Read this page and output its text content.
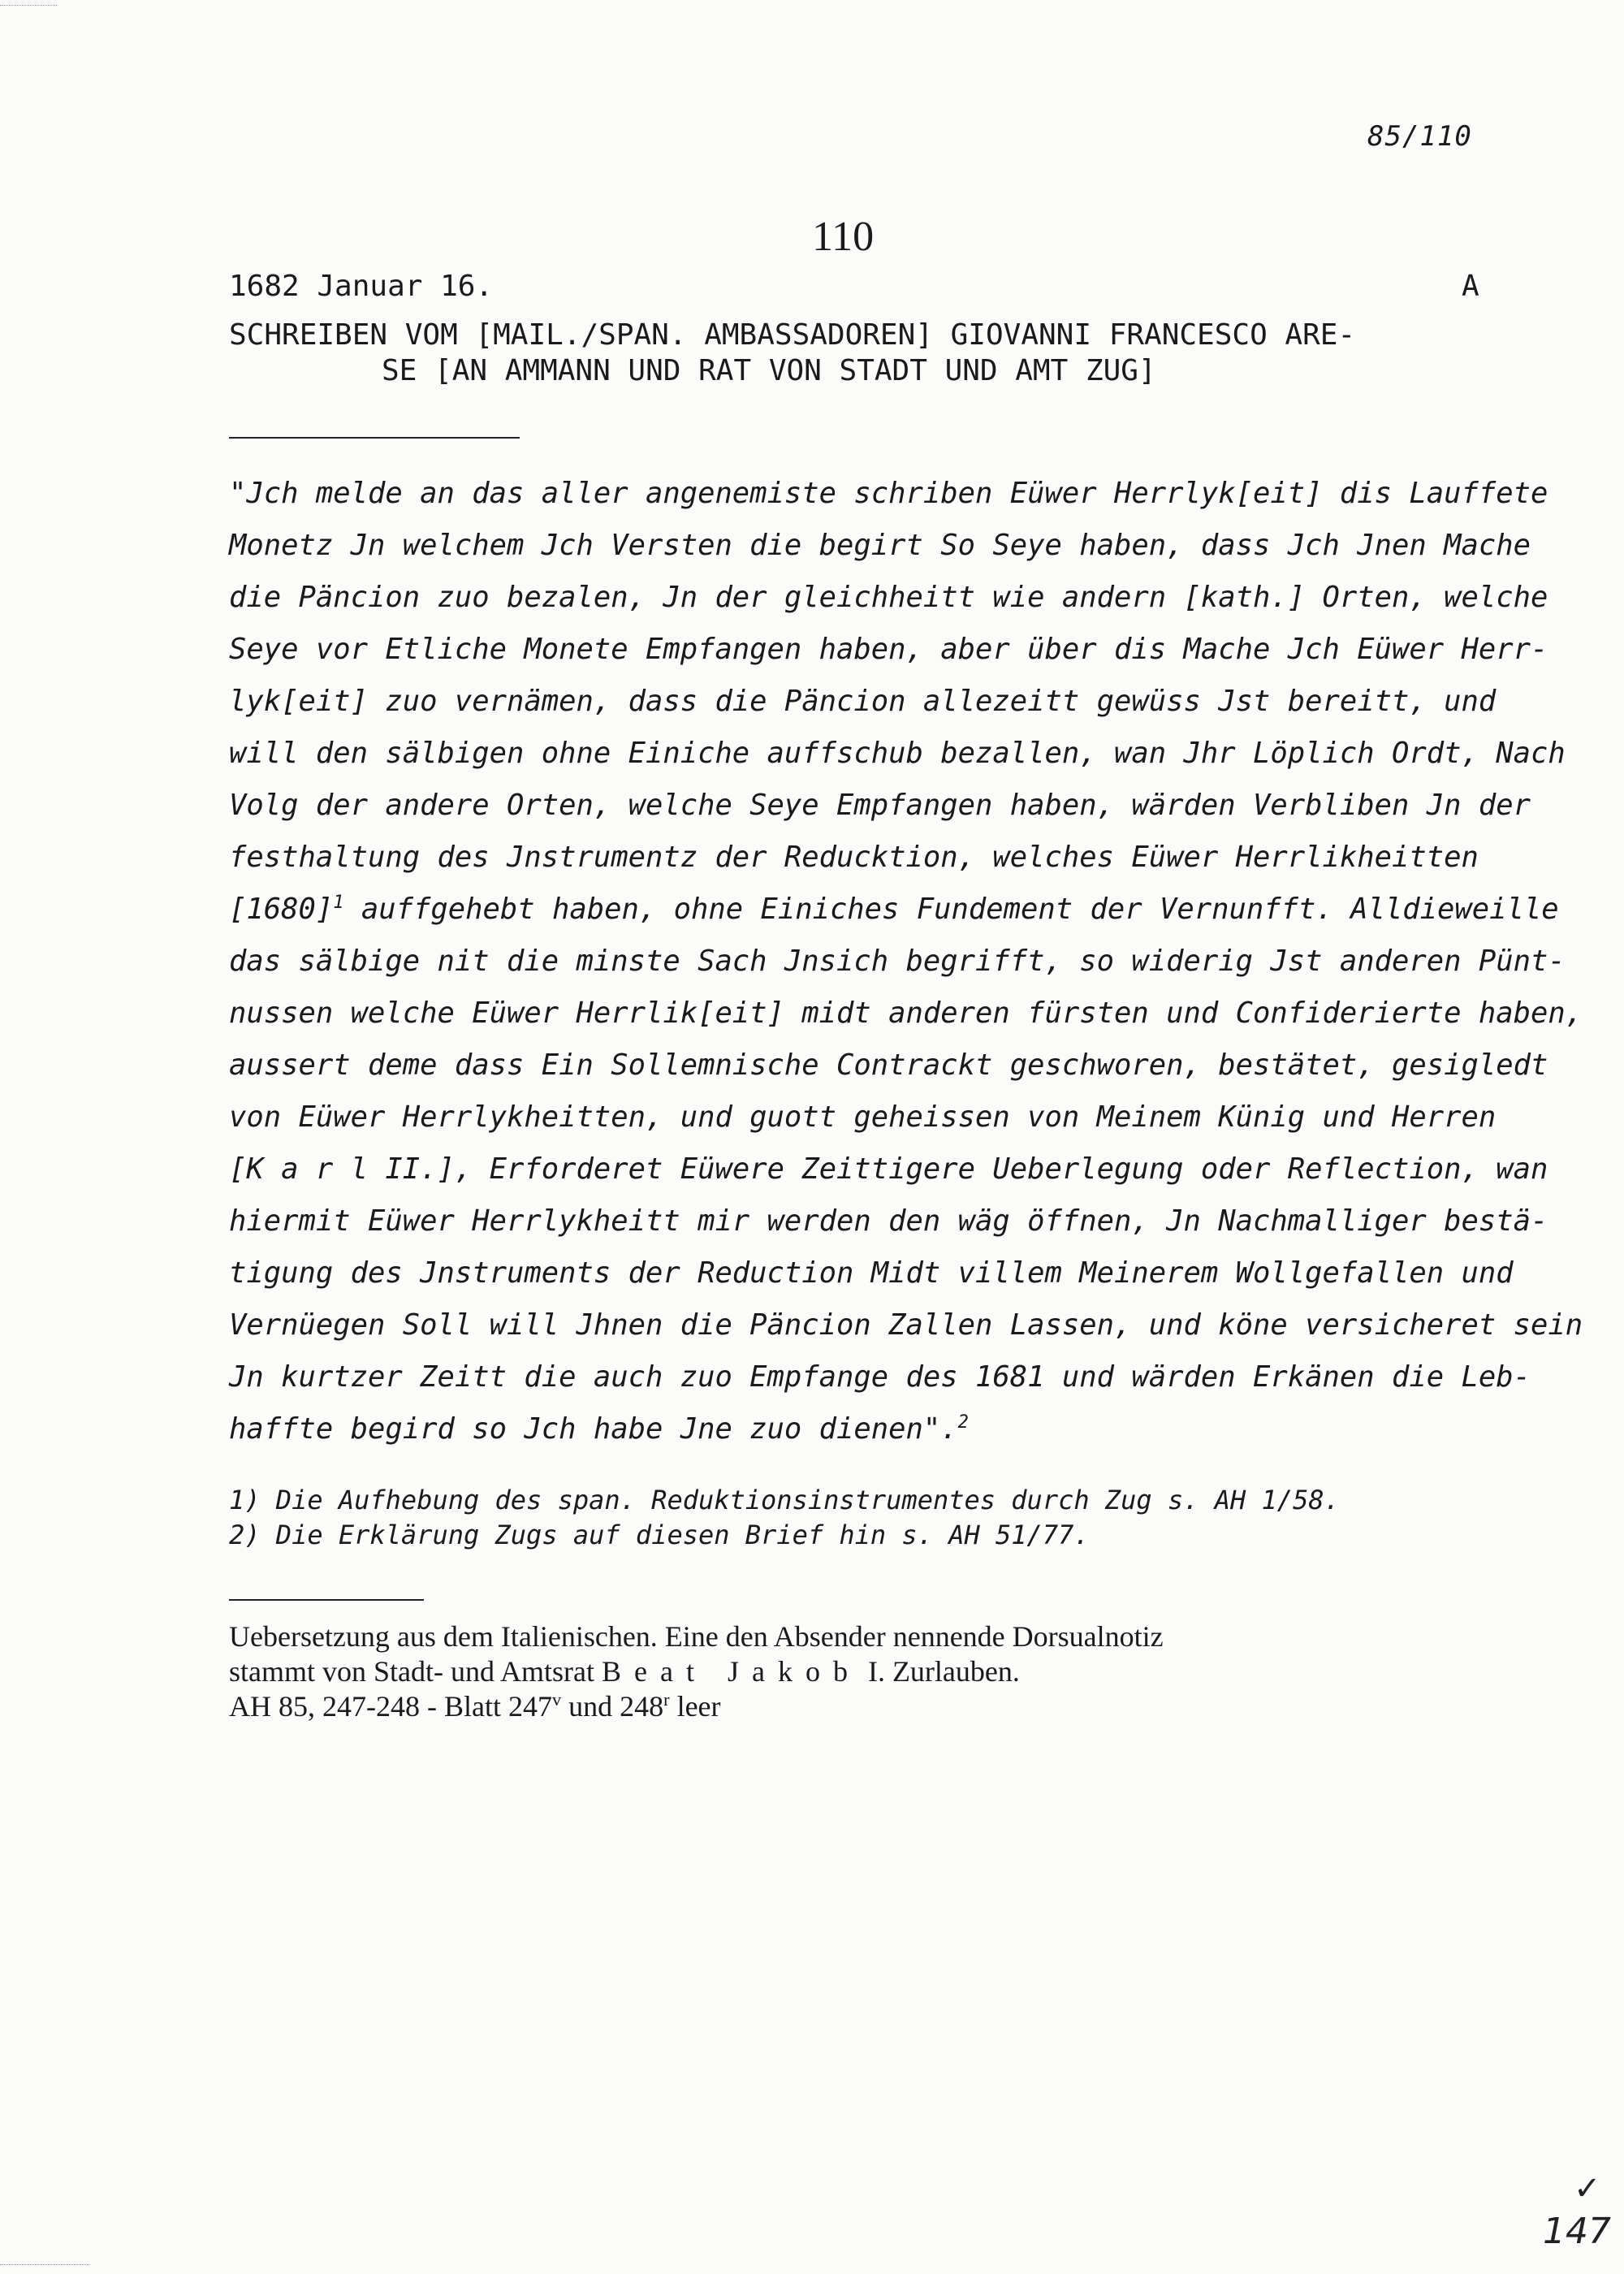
85/110
110
1682 Januar 16.	A
SCHREIBEN VOM [MAIL./SPAN. AMBASSADOREN] GIOVANNI FRANCESCO ARE-
SE [AN AMMANN UND RAT VON STADT UND AMT ZUG]
"Jch melde an das aller angenemiste schriben Eüwer Herrlyk[eit] dis Lauffete
Monetz Jn welchem Jch Versten die begirt So Seye haben, dass Jch Jnen Mache
die Päncion zuo bezalen, Jn der gleichheitt wie andern [kath.] Orten, welche
Seye vor Etliche Monete Empfangen haben, aber über dis Mache Jch Eüwer Herr-
lyk[eit] zuo vernämen, dass die Päncion allezeitt gewüss Jst bereitt, und
will den sälbigen ohne Einiche auffschub bezallen, wan Jhr Löplich Ordt, Nach
Volg der andere Orten, welche Seye Empfangen haben, wärden Verbliben Jn der
festhaltung des Jnstrumentz der Reducktion, welches Eüwer Herrlikheitten
$[1680]^1$ auffgehebt haben, ohne Einiches Fundement der Vernunfft. Alldieweille
das sälbige nit die minste Sach Jnsich begrifft, so widerig Jst anderen Pünt-
nussen welche Eüwer Herrlik[eit] midt anderen fürsten und Confiderierte haben,
aussert deme dass Ein Sollemnische Contrackt geschworen, bestätet, gesigledt
von Eüwer Herrlykheitten, und guott geheissen von Meinem Künig und Herren
[K a r l II.], Erforderet Eüwere Zeittigere Ueberlegung oder Reflection, wan
hiermit Eüwer Herrlykheitt mir werden den wäg öffnen, Jn Nachmalliger bestä-
tigung des Jnstruments der Reduction Midt villem Meinerem Wollgefallen und
Vernüegen Soll will Jhnen die Päncion Zallen Lassen, und köne versicheret sein
Jn kurtzer Zeitt die auch zuo Empfange des 1681 und wärden Erkänen die Leb-
haffte begird so Jch habe Jne zuo dienen".$^2$
1) Die Aufhebung des span. Reduktionsinstrumentes durch Zug s. AH 1/58.
2) Die Erklärung Zugs auf diesen Brief hin s. AH 51/77.
Uebersetzung aus dem Italienischen. Eine den Absender nennende Dorsualnotiz
stammt von Stadt- und Amtsrat Beat Jakob I. Zurlauben.
AH 85, 247-248 - Blatt 247$^v$ und 248$^r$ leer
✓
147
